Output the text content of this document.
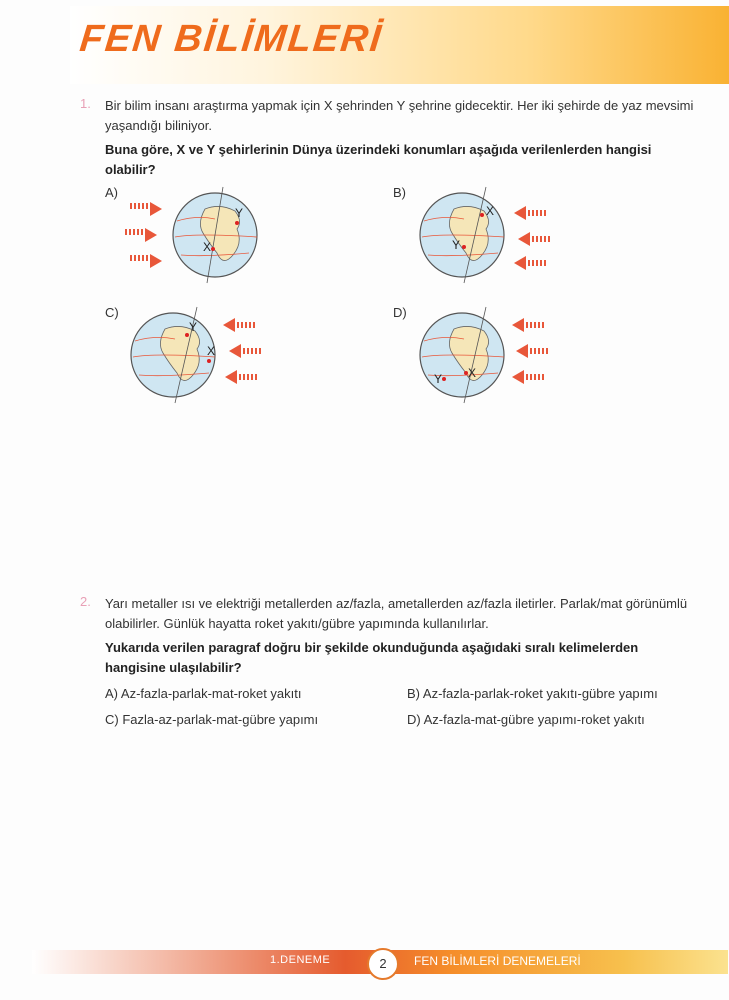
FEN BİLİMLERİ
1. Bir bilim insanı araştırma yapmak için X şehrinden Y şehrine gidecektir. Her iki şehirde de yaz mevsimi yaşandığı biliniyor.
Buna göre, X ve Y şehirlerinin Dünya üzerindeki konumları aşağıda verilenlerden hangisi olabilir?
A)
Y
X
B)
X
Y
C)
Y
X
D)
Y X
2. Yarı metaller ısı ve elektriği metallerden az/fazla, ametallerden az/fazla iletirler. Parlak/mat görünümlü olabilirler. Günlük hayatta roket yakıtı/gübre yapımında kullanılırlar.
Yukarıda verilen paragraf doğru bir şekilde okunduğunda aşağıdaki sıralı kelimelerden hangisine ulaşılabilir?
A) Az-fazla-parlak-mat-roket yakıtı	B) Az-fazla-parlak-roket yakıtı-gübre yapımı
C) Fazla-az-parlak-mat-gübre yapımı	D) Az-fazla-mat-gübre yapımı-roket yakıtı
1.DENEME	2	FEN BİLİMLERİ DENEMELERİ
